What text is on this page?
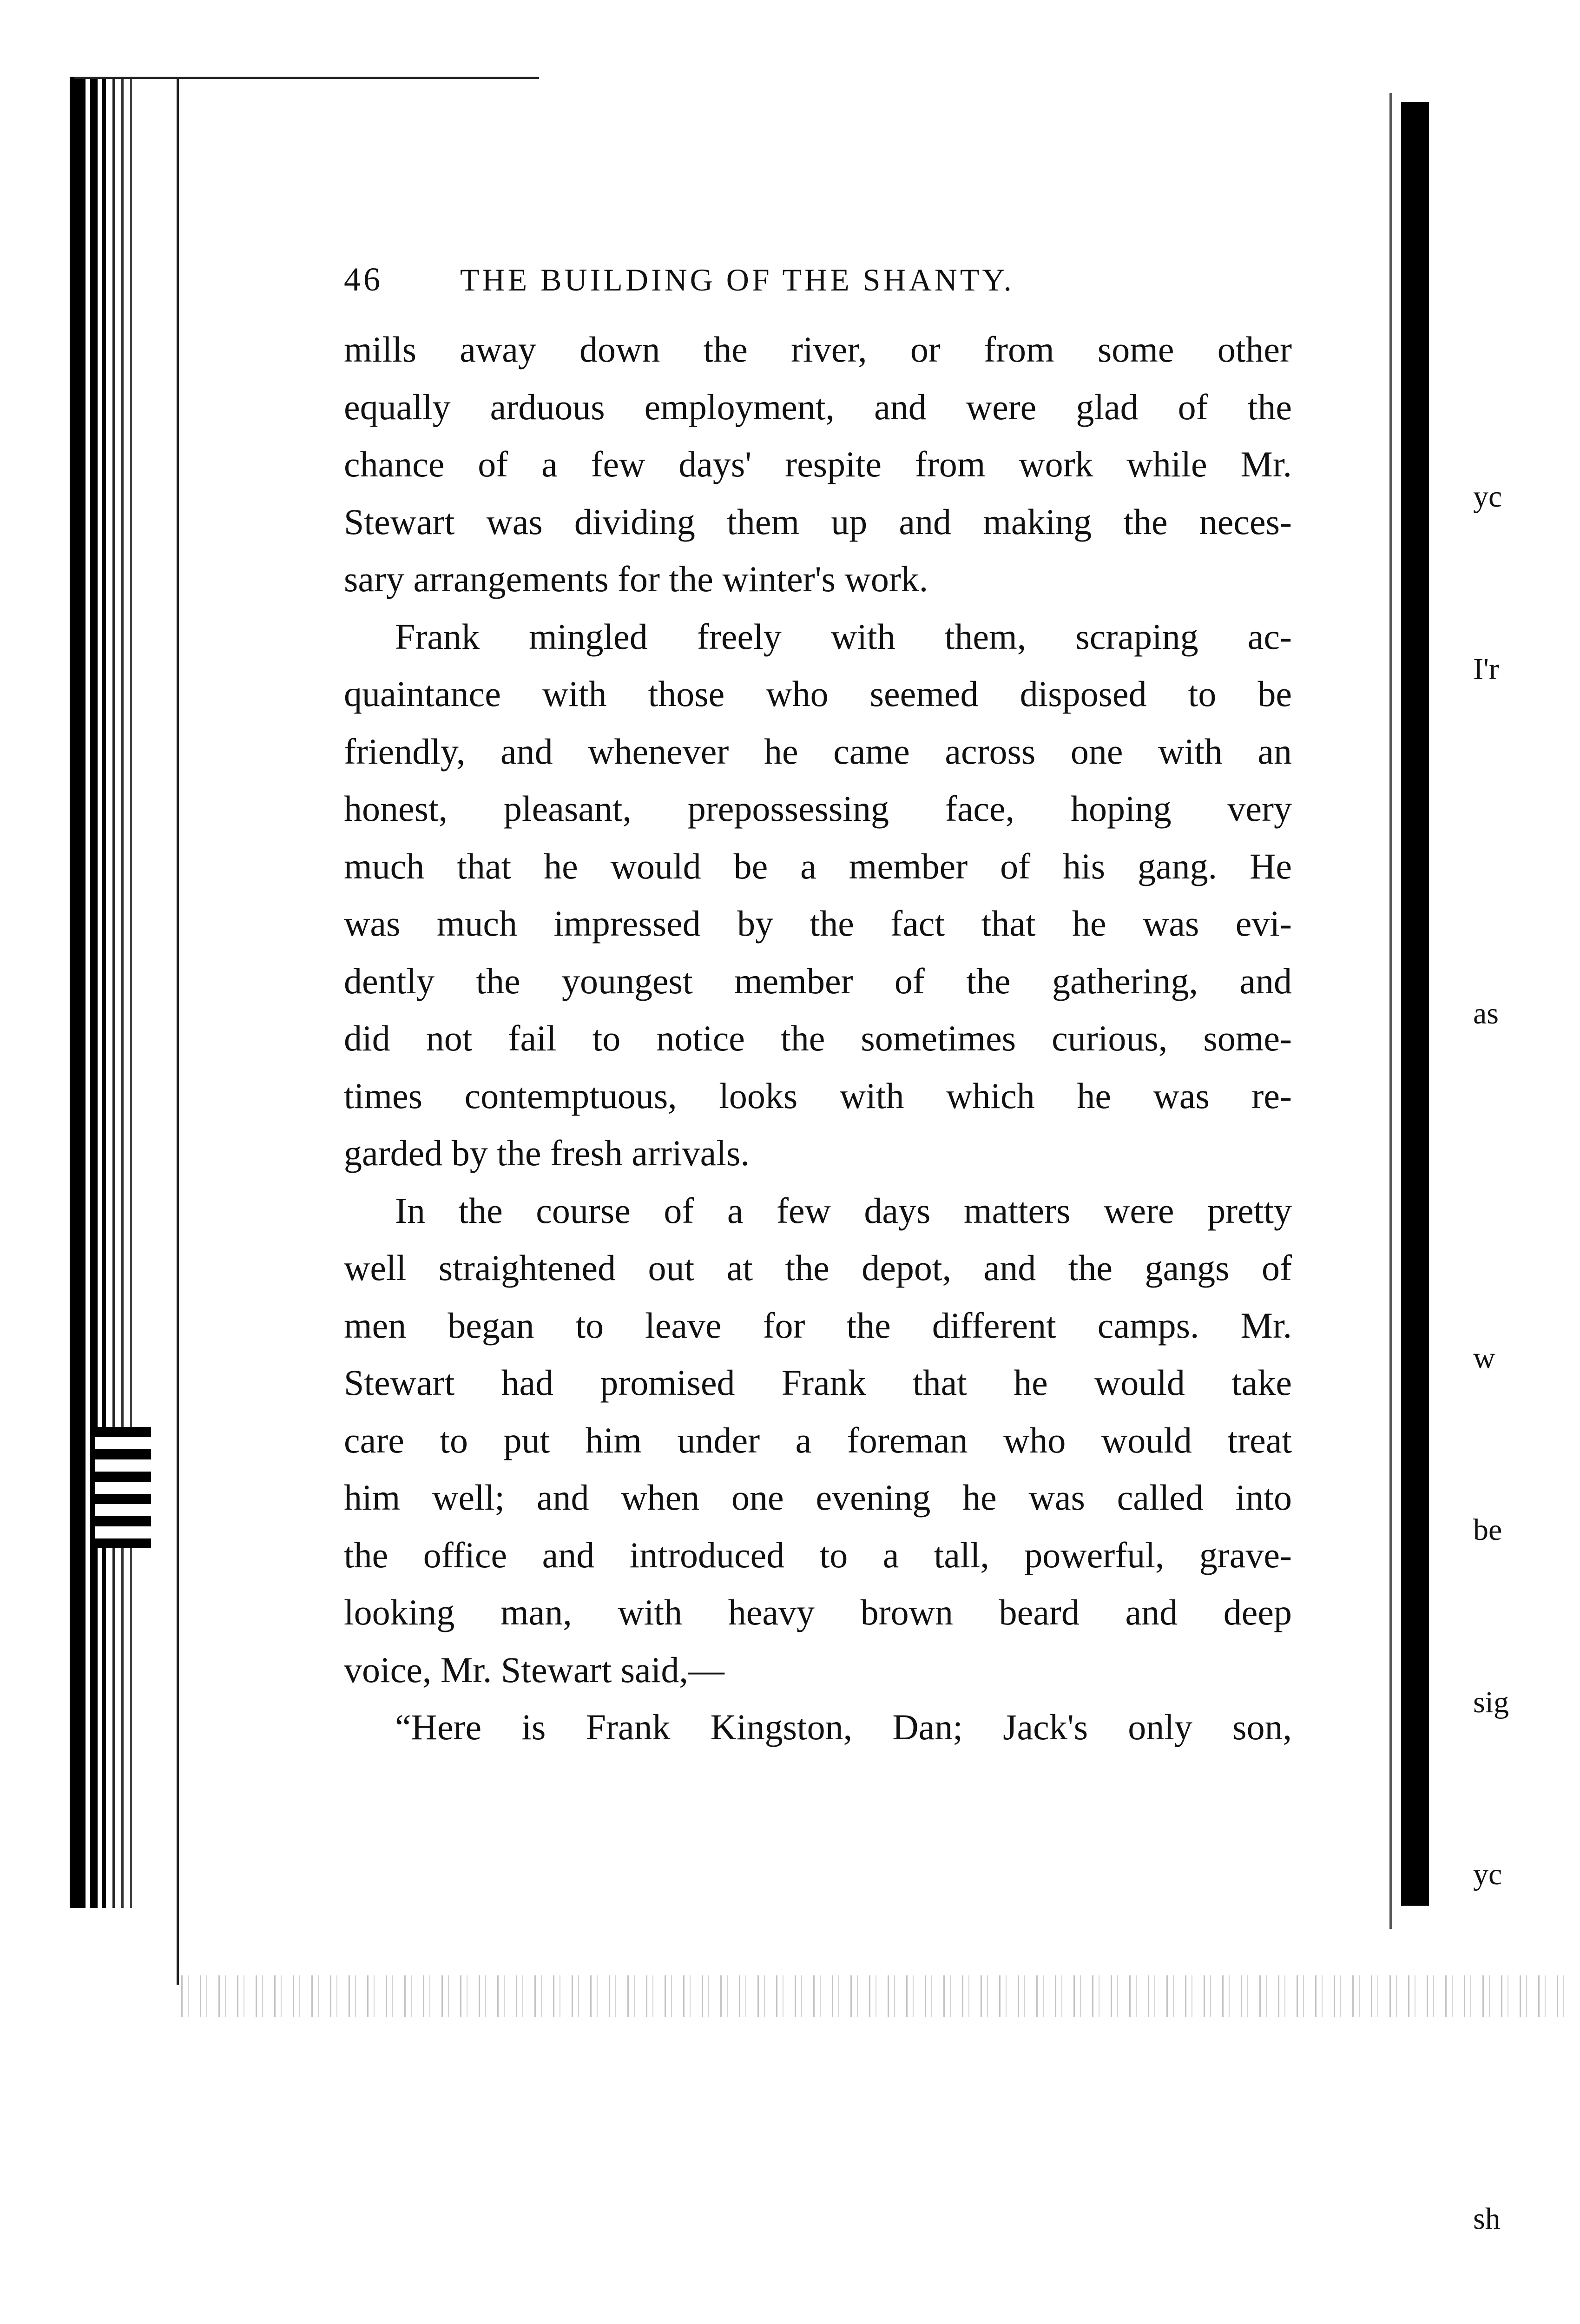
46	THE BUILDING OF THE SHANTY.

mills away down the river, or from some other

equally arduous employment, and were glad of the

chance of a few days' respite from work while Mr.

Stewart was dividing them up and making the neces-

sary arrangements for the winter's work.

Frank mingled freely with them, scraping ac-

quaintance with those who seemed disposed to be

friendly, and whenever he came across one with an

honest, pleasant, prepossessing face, hoping very

much that he would be a member of his gang. He

was much impressed by the fact that he was evi-

dently the youngest member of the gathering, and

did not fail to notice the sometimes curious, some-

times contemptuous, looks with which he was re-

garded by the fresh arrivals.

In the course of a few days matters were pretty

well straightened out at the depot, and the gangs of

men began to leave for the different camps. Mr.

Stewart had promised Frank that he would take

care to put him under a foreman who would treat

him well; and when one evening he was called into

the office and introduced to a tall, powerful, grave-

looking man, with heavy brown beard and deep

voice, Mr. Stewart said,—

“Here is Frank Kingston, Dan; Jack's only son,

yc

I'r

as

w

be

sig

yc

sh
